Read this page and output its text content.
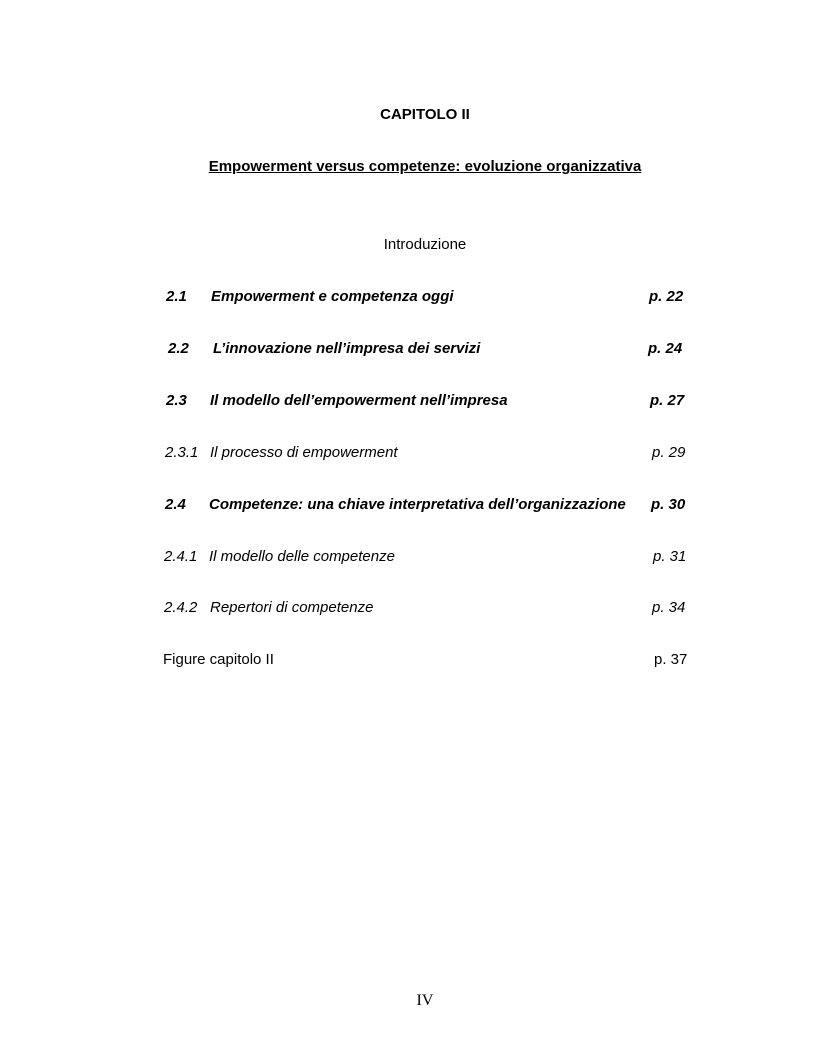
CAPITOLO II
Empowerment versus competenze: evoluzione organizzativa
Introduzione
2.1 Empowerment e competenza oggi	p. 22
2.2 L’innovazione nell’impresa dei servizi	p. 24
2.3 Il modello dell’empowerment nell’impresa	p. 27
2.3.1 Il processo di empowerment	p. 29
2.4 Competenze: una chiave interpretativa dell’organizzazione p. 30
2.4.1 Il modello delle competenze	p. 31
2.4.2 Repertori di competenze	p. 34
Figure capitolo II	p. 37
IV
